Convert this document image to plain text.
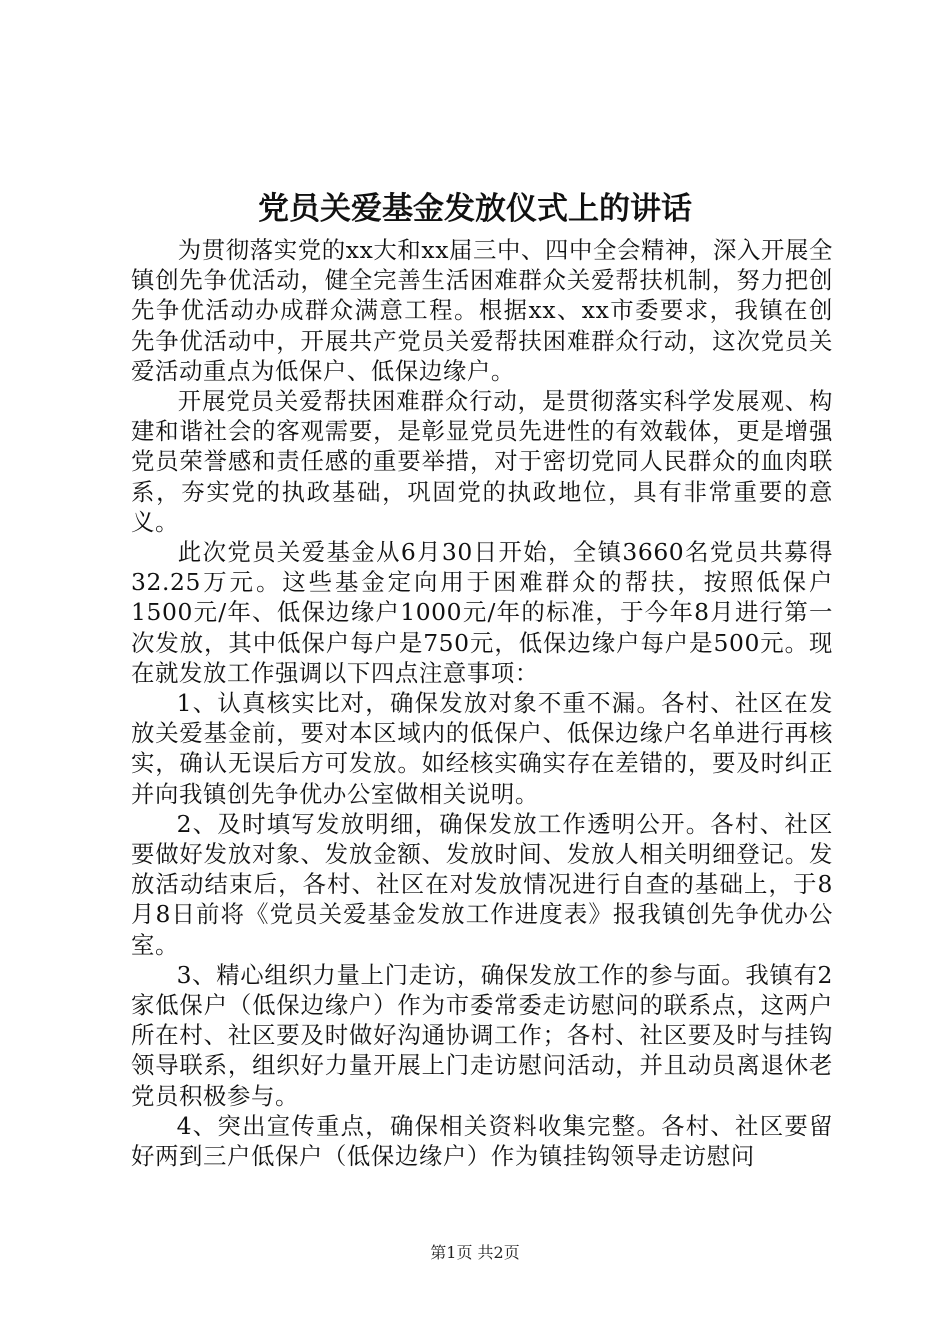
党员关爱基金发放仪式上的讲话

为贯彻落实党的xx大和xx届三中、四中全会精神，深入开展全镇创先争优活动，健全完善生活困难群众关爱帮扶机制，努力把创先争优活动办成群众满意工程。根据xx、xx市委要求，我镇在创先争优活动中，开展共产党员关爱帮扶困难群众行动，这次党员关爱活动重点为低保户、低保边缘户。

开展党员关爱帮扶困难群众行动，是贯彻落实科学发展观、构建和谐社会的客观需要，是彰显党员先进性的有效载体，更是增强党员荣誉感和责任感的重要举措，对于密切党同人民群众的血肉联系，夯实党的执政基础，巩固党的执政地位，具有非常重要的意义。

此次党员关爱基金从6月30日开始，全镇3660名党员共募得32.25万元。这些基金定向用于困难群众的帮扶，按照低保户1500元/年、低保边缘户1000元/年的标准，于今年8月进行第一次发放，其中低保户每户是750元，低保边缘户每户是500元。现在就发放工作强调以下四点注意事项：

1、认真核实比对，确保发放对象不重不漏。各村、社区在发放关爱基金前，要对本区域内的低保户、低保边缘户名单进行再核实，确认无误后方可发放。如经核实确实存在差错的，要及时纠正并向我镇创先争优办公室做相关说明。

2、及时填写发放明细，确保发放工作透明公开。各村、社区要做好发放对象、发放金额、发放时间、发放人相关明细登记。发放活动结束后，各村、社区在对发放情况进行自查的基础上，于8月8日前将《党员关爱基金发放工作进度表》报我镇创先争优办公室。

3、精心组织力量上门走访，确保发放工作的参与面。我镇有2家低保户（低保边缘户）作为市委常委走访慰问的联系点，这两户所在村、社区要及时做好沟通协调工作；各村、社区要及时与挂钩领导联系，组织好力量开展上门走访慰问活动，并且动员离退休老党员积极参与。

4、突出宣传重点，确保相关资料收集完整。各村、社区要留好两到三户低保户（低保边缘户）作为镇挂钩领导走访慰问

第1页 共2页
